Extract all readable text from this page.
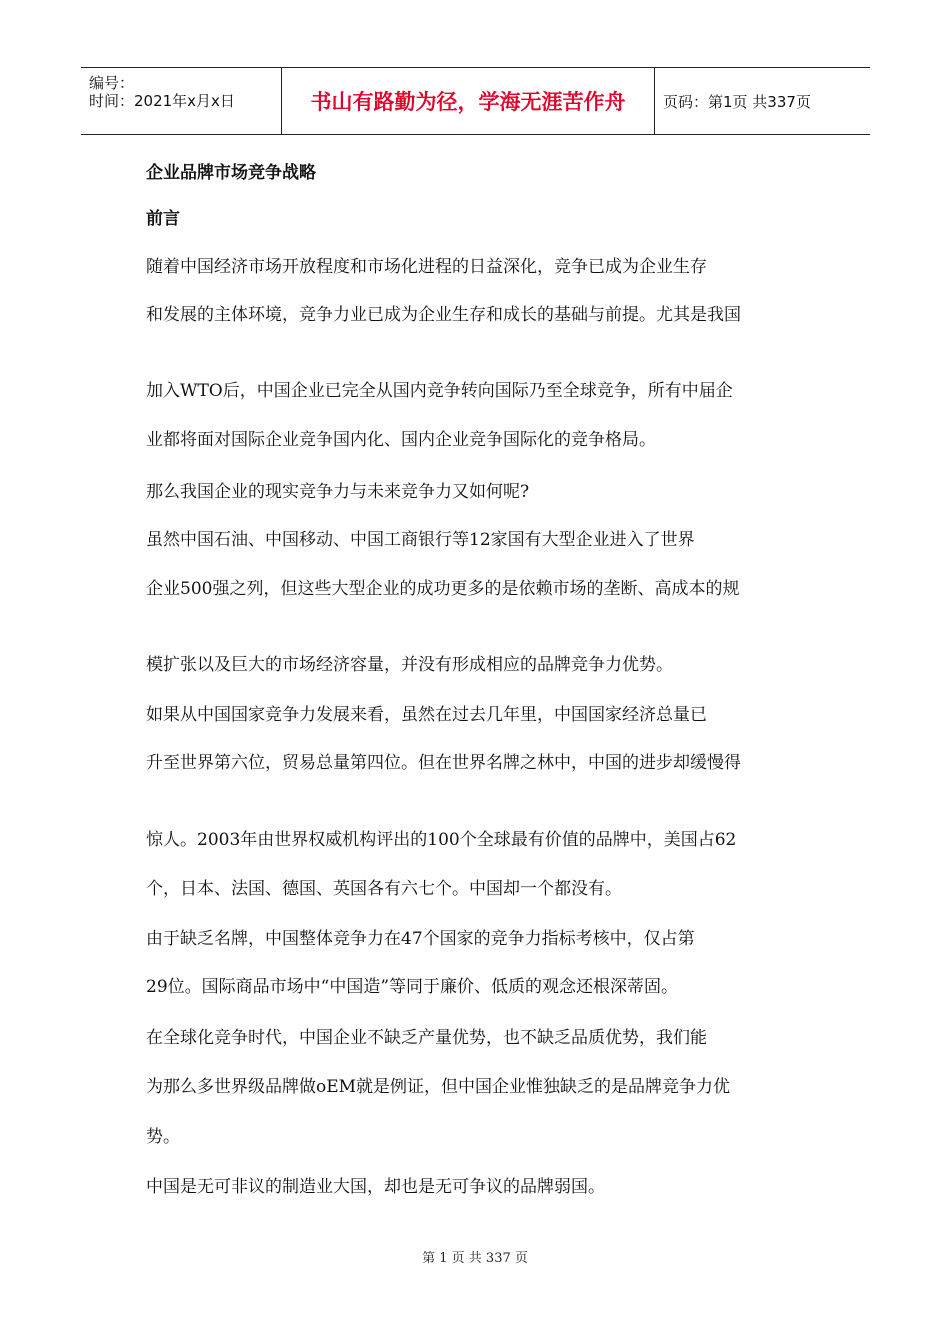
编号：
时间：2021年x月x日	书山有路勤为径，学海无涯苦作舟	页码：第1页 共337页
企业品牌市场竞争战略
前言
随着中国经济市场开放程度和市场化进程的日益深化，竞争已成为企业生存
和发展的主体环境，竞争力业已成为企业生存和成长的基础与前提。尤其是我国
加入WTO后，中国企业已完全从国内竞争转向国际乃至全球竞争，所有中届企
业都将面对国际企业竞争国内化、国内企业竞争国际化的竞争格局。
那么我国企业的现实竞争力与未来竞争力又如何呢?
虽然中国石油、中国移动、中国工商银行等12家国有大型企业进入了世界
企业500强之列，但这些大型企业的成功更多的是依赖市场的垄断、高成本的规
模扩张以及巨大的市场经济容量，并没有形成相应的品牌竞争力优势。
如果从中国国家竞争力发展来看，虽然在过去几年里，中国国家经济总量已
升至世界第六位，贸易总量第四位。但在世界名牌之林中，中国的进步却缓慢得
惊人。2003年由世界权威机构评出的100个全球最有价值的品牌中，美国占62
个，日本、法国、德国、英国各有六七个。中国却一个都没有。
由于缺乏名牌，中国整体竞争力在47个国家的竞争力指标考核中，仅占第
29位。国际商品市场中“中国造”等同于廉价、低质的观念还根深蒂固。
在全球化竞争时代，中国企业不缺乏产量优势，也不缺乏品质优势，我们能
为那么多世界级品牌做oEM就是例证，但中国企业惟独缺乏的是品牌竞争力优
势。
中国是无可非议的制造业大国，却也是无可争议的品牌弱国。
第 1 页 共 337 页
